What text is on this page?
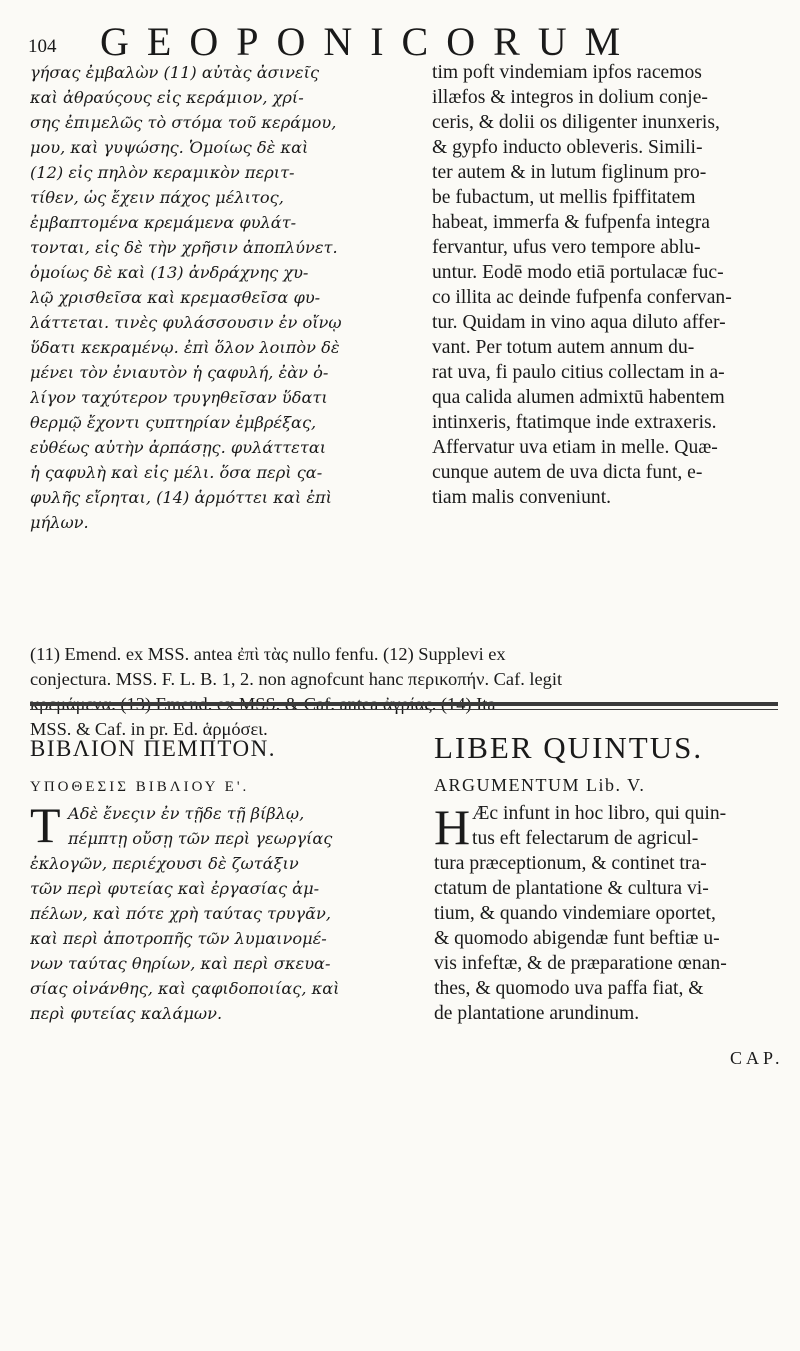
104 GEOPONICORUM
γήσας ἐμβαλὼν (11) αὐτὰς ἀσινεῖς
καὶ ἀθραύςους εἰς κεράμιον, χρί-
σης ἐπιμελῶς τὸ στόμα τοῦ κεράμου,
μου, καὶ γυψώσης. Ὁμοίως δὲ καὶ
(12) εἰς πηλὸν κεραμικὸν περιτ-
τίθεν, ὡς ἔχειν πάχος μέλιτος,
ἐμβαπτομένα κρεμάμενα φυλάτ-
τονται, εἰς δὲ τὴν χρῆσιν ἀποπλύνετ.
ὁμοίως δὲ καὶ (13) ἀνδράχνης χυ-
λῷ χρισθεῖσα καὶ κρεμασθεῖσα φυ-
λάττεται. τινὲς φυλάσσουσιν ἐν οἴνῳ
ὕδατι κεκραμένῳ. ἐπὶ ὅλον λοιπὸν δὲ
μένει τὸν ἐνιαυτὸν ἡ ςαφυλή, ἐὰν ὀ-
λίγον ταχύτερον τρυγηθεῖσαν ὕδατι
θερμῷ ἔχοντι ςυπτηρίαν ἐμβρέξας,
εὐθέως αὐτὴν ἀρπάσῃς. φυλάττεται
ἡ ςαφυλὴ καὶ εἰς μέλι. ὅσα περὶ ςα-
φυλῆς εἴρηται, (14) ἁρμόττει καὶ ἐπὶ
μήλων.
tim poft vindemiam ipfos racemos
illæfos & integros in dolium conje-
ceris, & dolii os diligenter inunxeris,
& gypfo inducto obleveris. Simili-
ter autem & in lutum figlinum pro-
be fubactum, ut mellis fpiffitatem
habeat, immerfa & fufpenfa integra
fervantur, ufus vero tempore ablu-
untur. Eodē modo etiā portulacæ fuc-
co illita ac deinde fufpenfa confervan-
tur. Quidam in vino aqua diluto affer-
vant. Per totum autem annum du-
rat uva, fi paulo citius collectam in a-
qua calida alumen admixtū habentem
intinxeris, ftatimque inde extraxeris.
Affervatur uva etiam in melle. Quæ-
cunque autem de uva dicta funt, e-
tiam malis conveniunt.
(11) Emend. ex MSS. antea ἐπὶ τὰς nullo fenfu. (12) Supplevi ex
conjectura. MSS. F. L. B. 1, 2. non agnofcunt hanc περικοπήν. Caf. legit
MSS. & Caf. in pr. Ed. ἁρμόσει.
ΒΙΒΛΙΟΝ ΠΕΜΠΤΟΝ.	LIBER QUINTUS.
ΥΠΟΘΕΣΙΣ ΒΙΒΛΙΟΥ Ε'.	ARGUMENTUM Lib. V.
Τ	H
Αδὲ ἔνεςιν ἐν τῇδε τῇ βίβλῳ,
πέμπτῃ οὔσῃ τῶν περὶ γεωργίας
ἐκλογῶν, περιέχουσι δὲ ζωτάξιν
τῶν περὶ φυτείας καὶ ἐργασίας ἀμ-
πέλων, καὶ πότε χρὴ ταύτας τρυγᾶν,
καὶ περὶ ἀποτροπῆς τῶν λυμαινομέ-
νων ταύτας θηρίων, καὶ περὶ σκευα-
σίας οἰνάνθης, καὶ ςαφιδοποιίας, καὶ
περὶ φυτείας καλάμων.
Æc infunt in hoc libro, qui quin-
tus eft felectarum de agricul-
tura præceptionum, & continet tra-
ctatum de plantatione & cultura vi-
tium, & quando vindemiare oportet,
& quomodo abigendæ funt beftiæ u-
vis infeftæ, & de præparatione œnan-
thes, & quomodo uva paffa fiat, &
de plantatione arundinum.
CAP.
